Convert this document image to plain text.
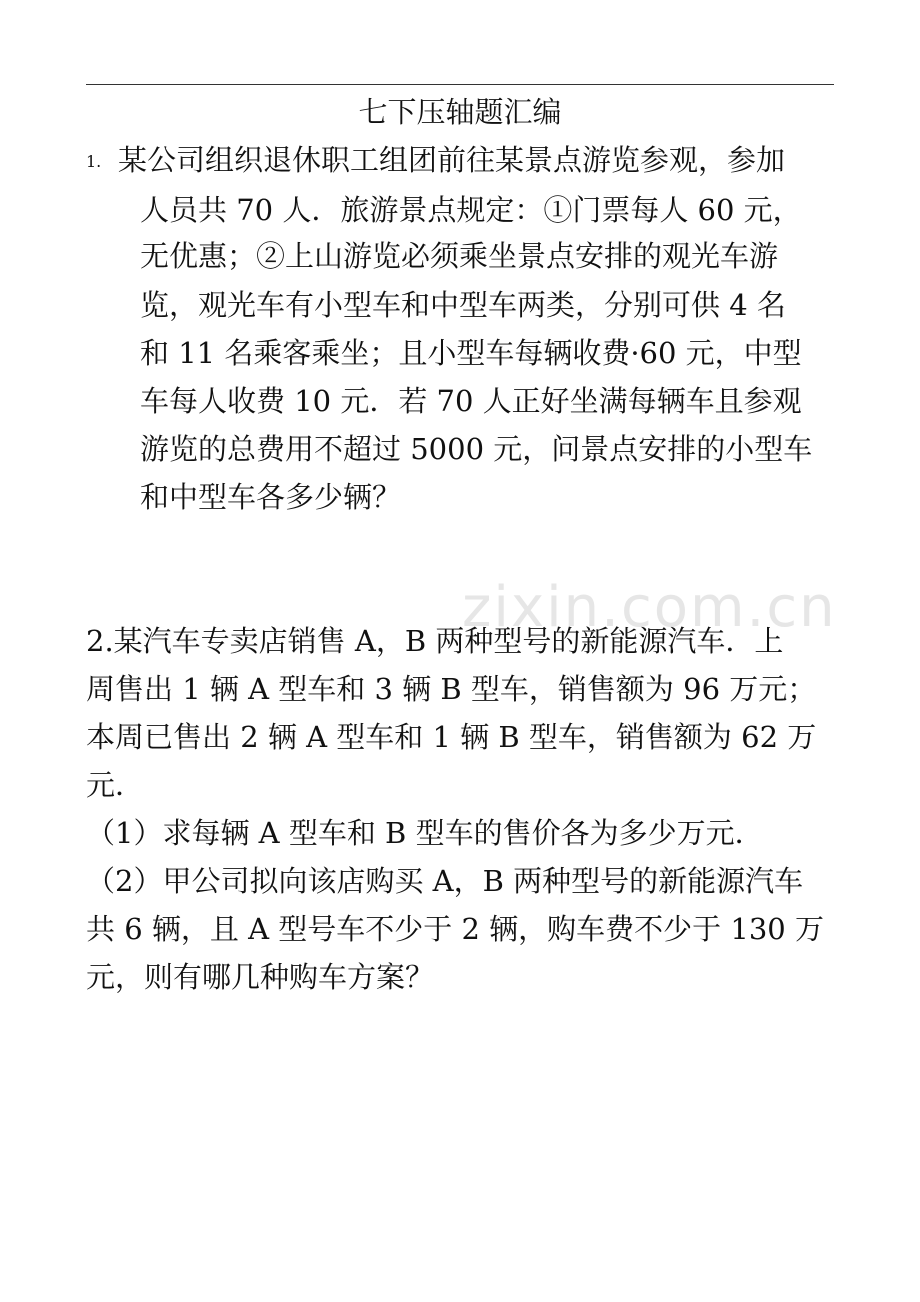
zixin.com.cn
七下压轴题汇编
1. 某公司组织退休职工组团前往某景点游览参观，参加
人员共 70 人．旅游景点规定：①门票每人 60 元，
无优惠；②上山游览必须乘坐景点安排的观光车游
览，观光车有小型车和中型车两类，分别可供 4 名
和 11 名乘客乘坐；且小型车每辆收费·60 元，中型
车每人收费 10 元．若 70 人正好坐满每辆车且参观
游览的总费用不超过 5000 元，问景点安排的小型车
和中型车各多少辆？
2.某汽车专卖店销售 A，B 两种型号的新能源汽车．上
周售出 1 辆 A 型车和 3 辆 B 型车，销售额为 96 万元；
本周已售出 2 辆 A 型车和 1 辆 B 型车，销售额为 62 万
元．
（1）求每辆 A 型车和 B 型车的售价各为多少万元．
（2）甲公司拟向该店购买 A，B 两种型号的新能源汽车
共 6 辆，且 A 型号车不少于 2 辆，购车费不少于 130 万
元，则有哪几种购车方案？
